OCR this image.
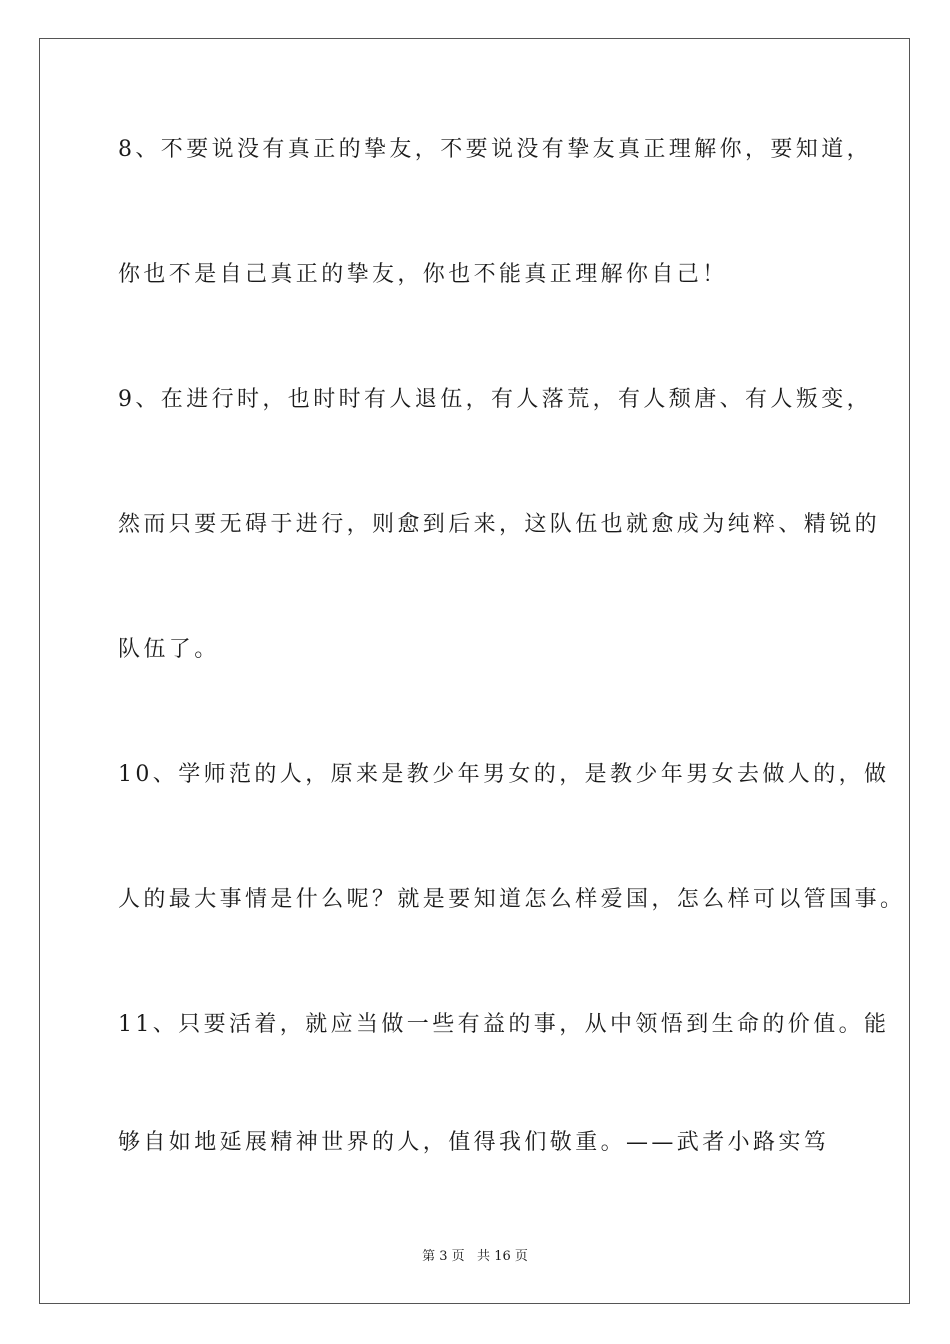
8、不要说没有真正的挚友，不要说没有挚友真正理解你，要知道，
你也不是自己真正的挚友，你也不能真正理解你自己！
9、在进行时，也时时有人退伍，有人落荒，有人颓唐、有人叛变，
然而只要无碍于进行，则愈到后来，这队伍也就愈成为纯粹、精锐的
队伍了。
10、学师范的人，原来是教少年男女的，是教少年男女去做人的，做
人的最大事情是什么呢？就是要知道怎么样爱国，怎么样可以管国事。
11、只要活着，就应当做一些有益的事，从中领悟到生命的价值。能
够自如地延展精神世界的人，值得我们敬重。——武者小路实笃
第 3 页   共 16 页
